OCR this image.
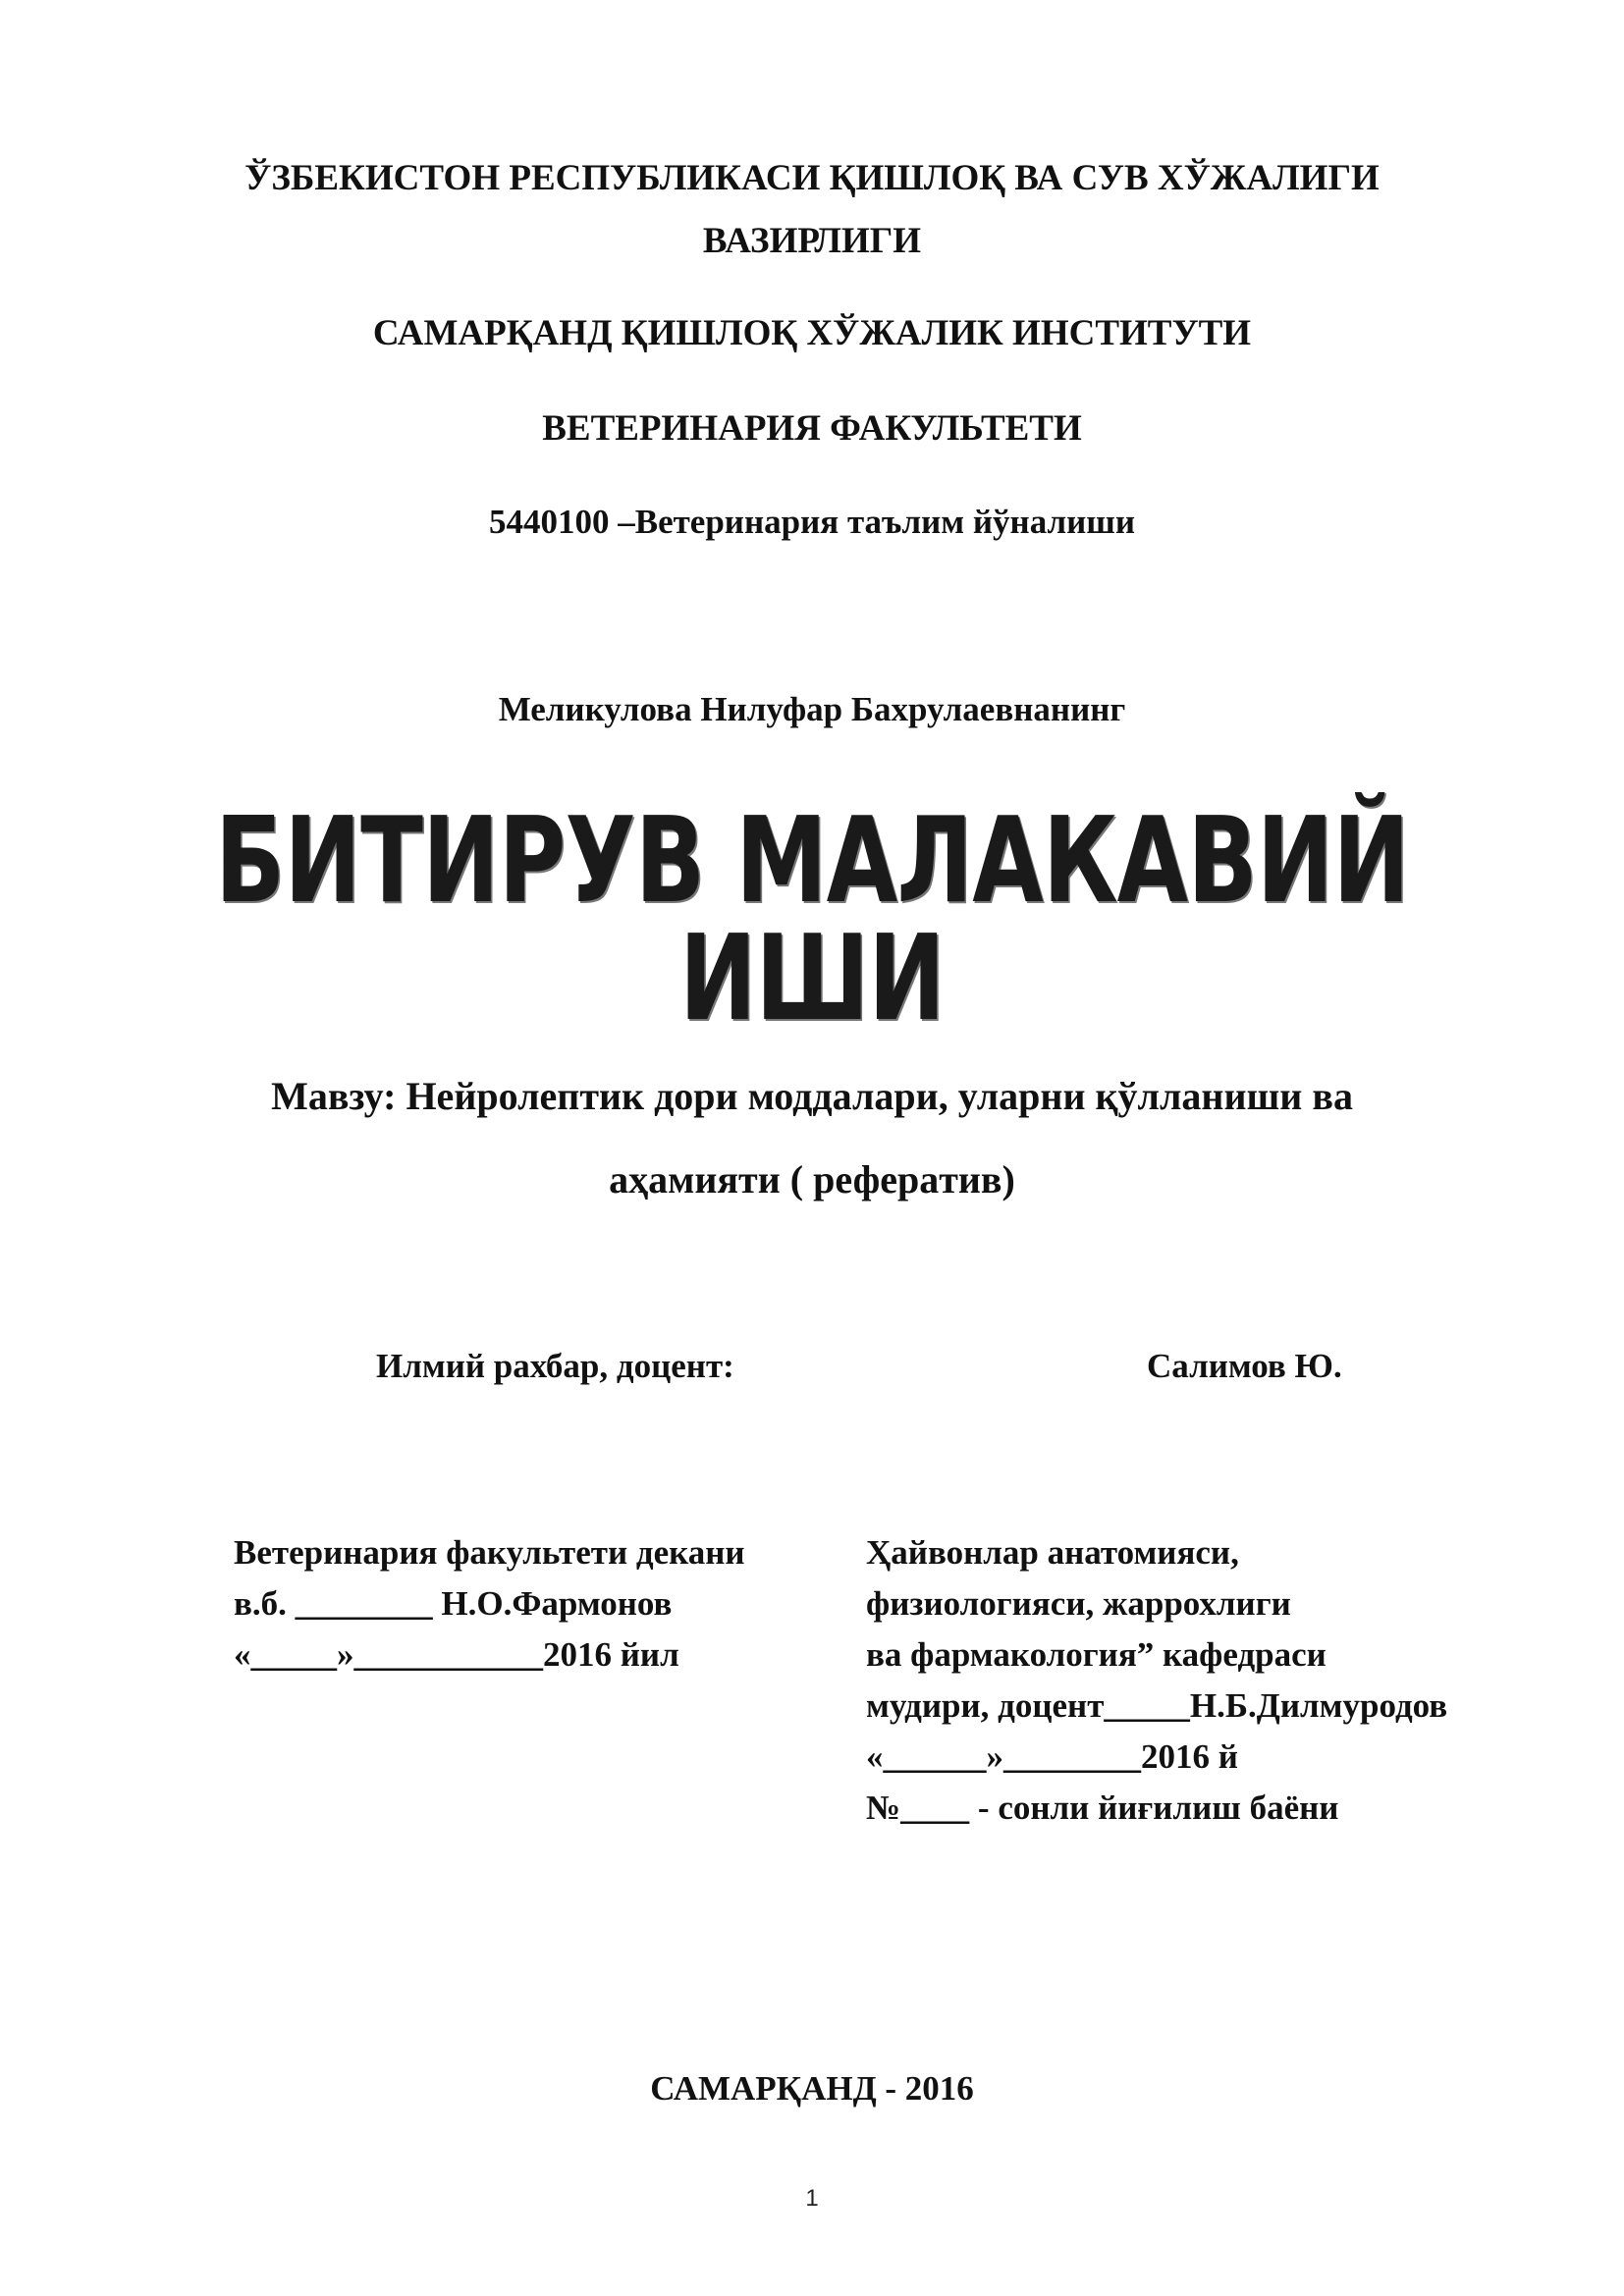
ЎЗБЕКИСТОН РЕСПУБЛИКАСИ ҚИШЛОҚ ВА СУВ ХЎЖАЛИГИ
ВАЗИРЛИГИ
САМАРҚАНД ҚИШЛОҚ ХЎЖАЛИК ИНСТИТУТИ
ВЕТЕРИНАРИЯ ФАКУЛЬТЕТИ
5440100 –Ветеринария таълим йўналиши
Меликулова Нилуфар Бахрулаевнанинг
БИТИРУВ МАЛАКАВИЙ ИШИ
Мавзу: Нейролептик дори моддалари, уларни қўлланиши ва
аҳамияти ( реферaтив)
Илмий рахбар, доцент:	Салимов Ю.
Ветеринария факультети декани
в.б. ________ Н.О.Фармонов
«_____»___________2016 йил
Ҳайвонлар анатомияси,
физиологияси, жаррохлиги
ва фармакология” кафедраси
мудири, доцент_____Н.Б.Дилмуродов
«______»________2016 й
№____ - сонли йиғилиш баёни
САМАРҚАНД - 2016
1
